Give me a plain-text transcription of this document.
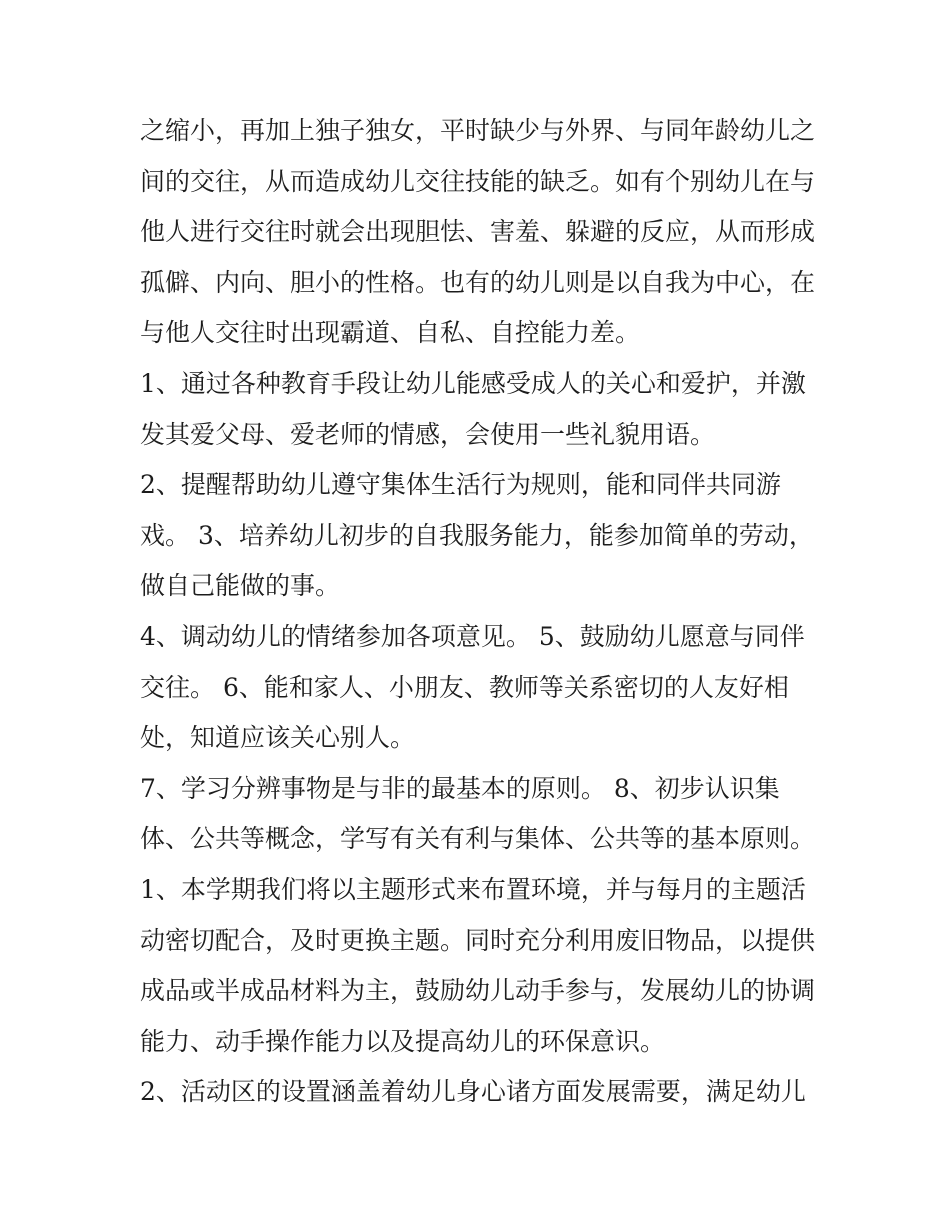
之缩小，再加上独子独女，平时缺少与外界、与同年龄幼儿之

间的交往，从而造成幼儿交往技能的缺乏。如有个别幼儿在与

他人进行交往时就会出现胆怯、害羞、躲避的反应，从而形成

孤僻、内向、胆小的性格。也有的幼儿则是以自我为中心，在

与他人交往时出现霸道、自私、自控能力差。

1、通过各种教育手段让幼儿能感受成人的关心和爱护，并激

发其爱父母、爱老师的情感，会使用一些礼貌用语。

2、提醒帮助幼儿遵守集体生活行为规则，能和同伴共同游

戏。 3、培养幼儿初步的自我服务能力，能参加简单的劳动，

做自己能做的事。

4、调动幼儿的情绪参加各项意见。 5、鼓励幼儿愿意与同伴

交往。 6、能和家人、小朋友、教师等关系密切的人友好相

处，知道应该关心别人。

7、学习分辨事物是与非的最基本的原则。 8、初步认识集

体、公共等概念，学写有关有利与集体、公共等的基本原则。

1、本学期我们将以主题形式来布置环境，并与每月的主题活

动密切配合，及时更换主题。同时充分利用废旧物品，以提供

成品或半成品材料为主，鼓励幼儿动手参与，发展幼儿的协调

能力、动手操作能力以及提高幼儿的环保意识。

2、活动区的设置涵盖着幼儿身心诸方面发展需要，满足幼儿
